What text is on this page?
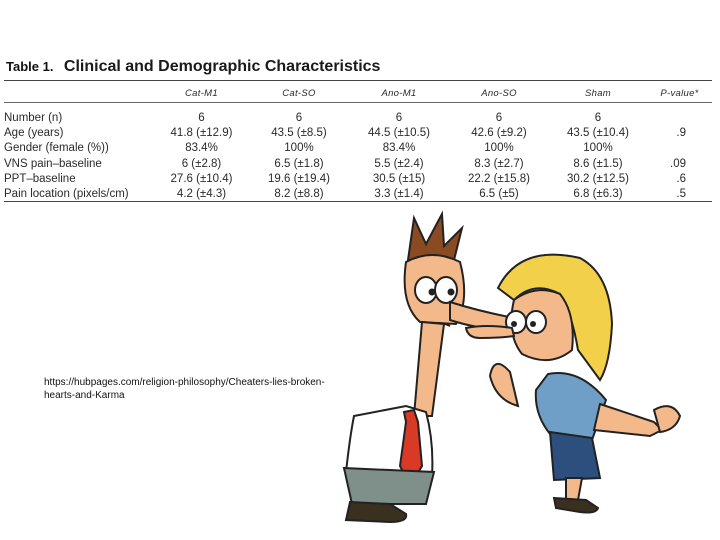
Table 1. Clinical and Demographic Characteristics
	Cat-M1	Cat-SO	Ano-M1	Ano-SO	Sham	P-value*
Number (n)	6	6	6	6	6	
Age (years)	41.8 (±12.9)	43.5 (±8.5)	44.5 (±10.5)	42.6 (±9.2)	43.5 (±10.4)	.9
Gender (female (%))	83.4%	100%	83.4%	100%	100%	
VNS pain–baseline	6 (±2.8)	6.5 (±1.8)	5.5 (±2.4)	8.3 (±2.7)	8.6 (±1.5)	.09
PPT–baseline	27.6 (±10.4)	19.6 (±19.4)	30.5 (±15)	22.2 (±15.8)	30.2 (±12.5)	.6
Pain location (pixels/cm)	4.2 (±4.3)	8.2 (±8.8)	3.3 (±1.4)	6.5 (±5)	6.8 (±6.3)	.5
https://hubpages.com/religion-philosophy/Cheaters-lies-broken-hearts-and-Karma
